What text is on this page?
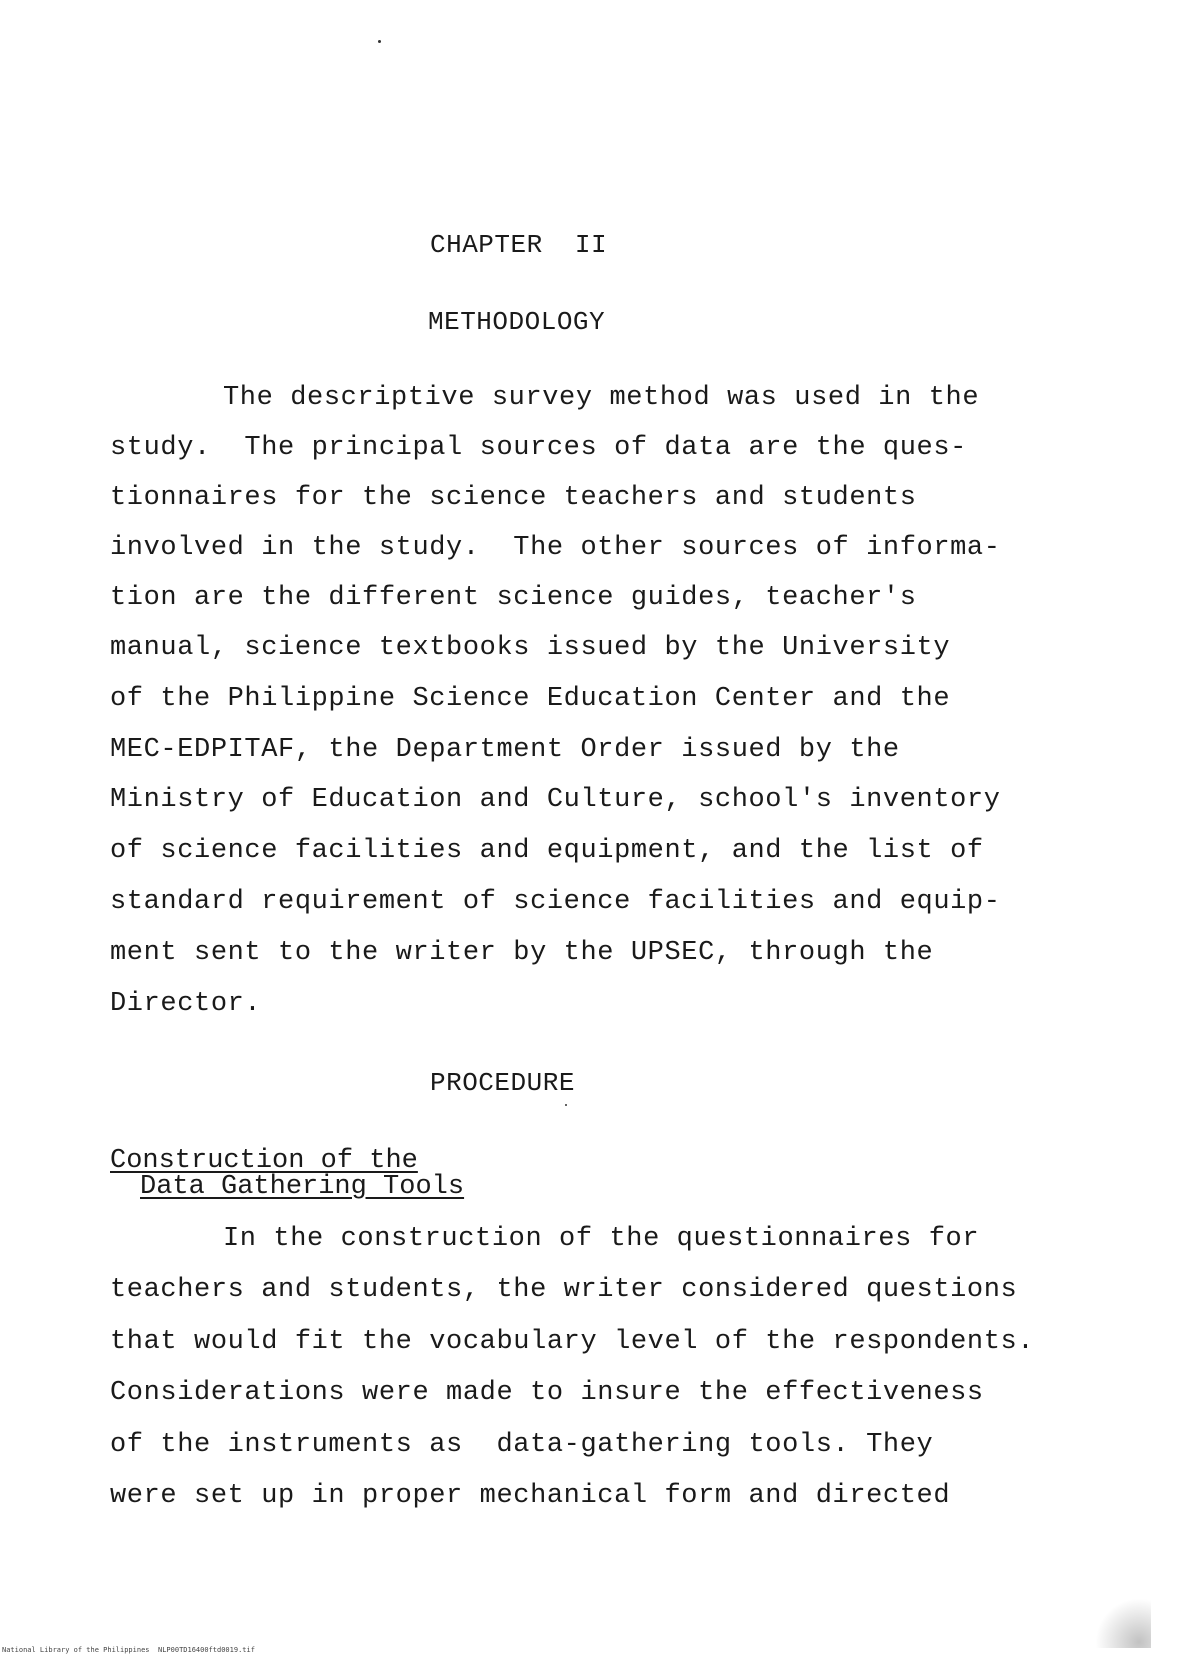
CHAPTER  II
METHODOLOGY
The descriptive survey method was used in the
study.  The principal sources of data are the ques-
tionnaires for the science teachers and students
involved in the study.  The other sources of informa-
tion are the different science guides, teacher's
manual, science textbooks issued by the University
of the Philippine Science Education Center and the
MEC-EDPITAF, the Department Order issued by the
Ministry of Education and Culture, school's inventory
of science facilities and equipment, and the list of
standard requirement of science facilities and equip-
ment sent to the writer by the UPSEC, through the
Director.
PROCEDURE
Construction of the
Data Gathering Tools
In the construction of the questionnaires for
teachers and students, the writer considered questions
that would fit the vocabulary level of the respondents.
Considerations were made to insure the effectiveness
of the instruments as  data-gathering tools. They
were set up in proper mechanical form and directed
National Library of the Philippines NLP00TD16400ftd0019.tif
